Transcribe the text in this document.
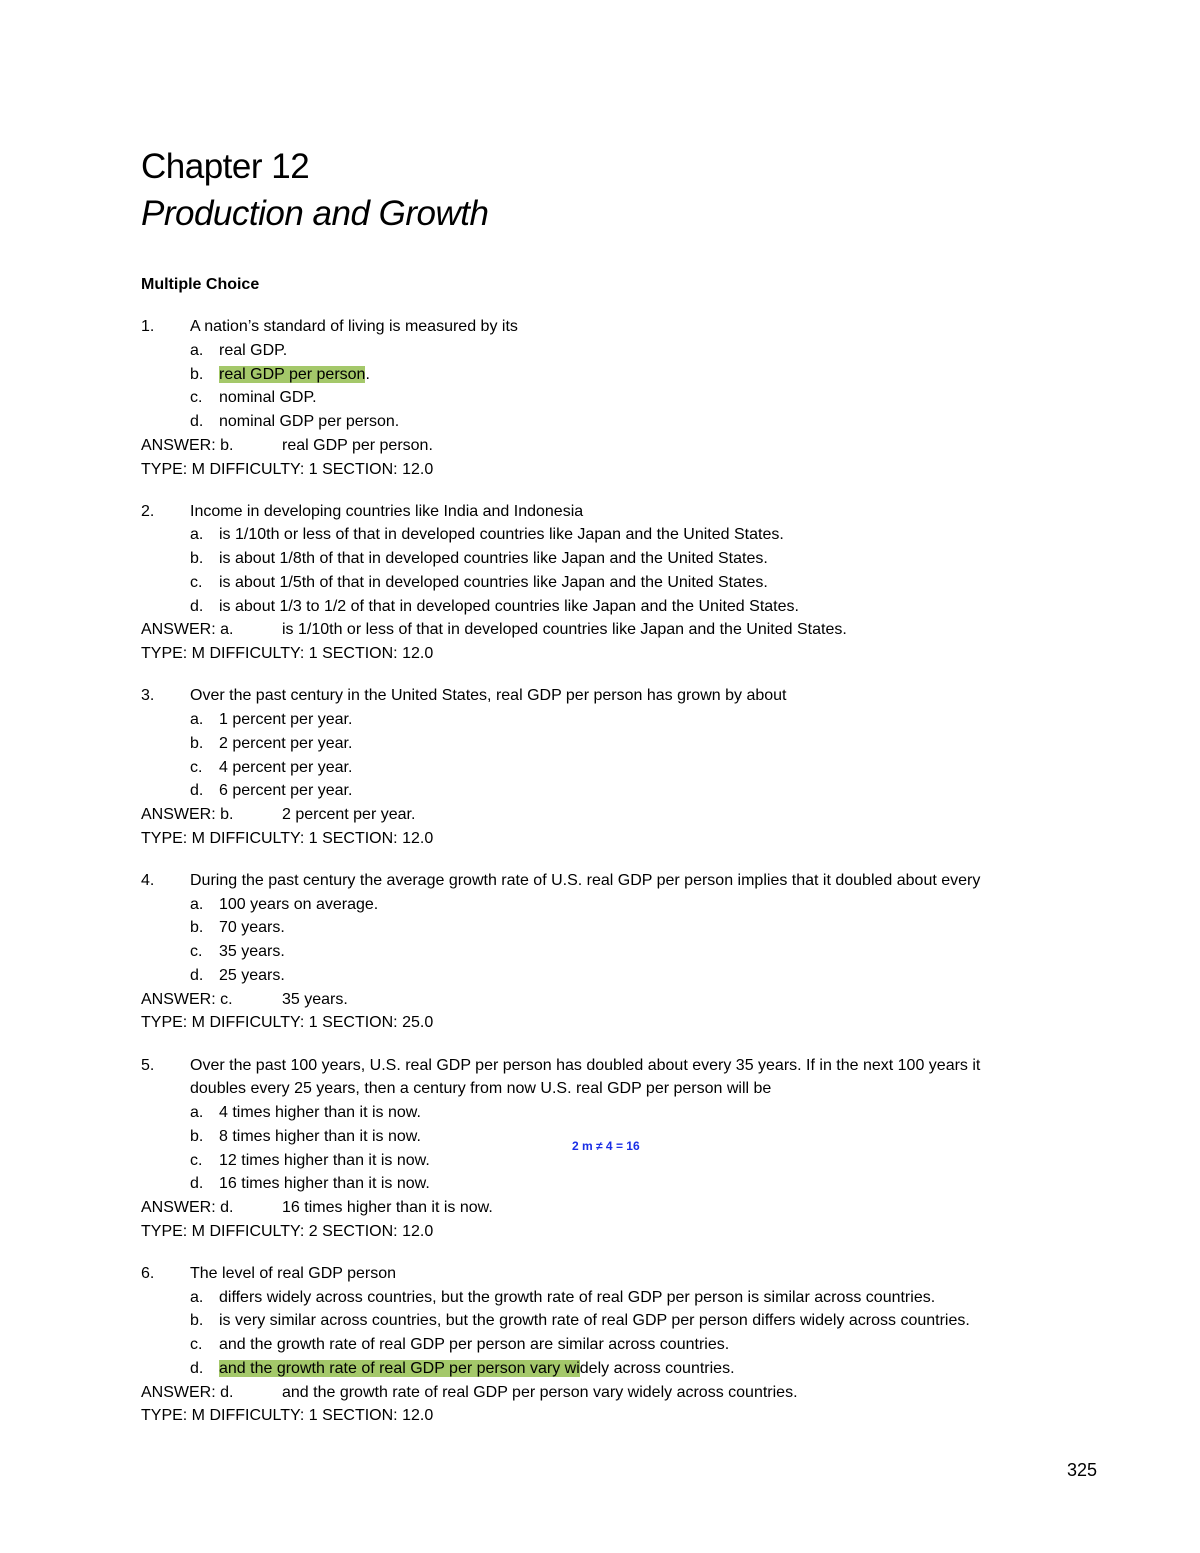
Chapter 12
Production and Growth
Multiple Choice
1. A nation’s standard of living is measured by its
a. real GDP.
b. real GDP per person.
c. nominal GDP.
d. nominal GDP per person.
ANSWER: b.	real GDP per person.
TYPE: M DIFFICULTY: 1 SECTION: 12.0
2. Income in developing countries like India and Indonesia
a. is 1/10th or less of that in developed countries like Japan and the United States.
b. is about 1/8th of that in developed countries like Japan and the United States.
c. is about 1/5th of that in developed countries like Japan and the United States.
d. is about 1/3 to 1/2 of that in developed countries like Japan and the United States.
ANSWER: a.	is 1/10th or less of that in developed countries like Japan and the United States.
TYPE: M DIFFICULTY: 1 SECTION: 12.0
3. Over the past century in the United States, real GDP per person has grown by about
a. 1 percent per year.
b. 2 percent per year.
c. 4 percent per year.
d. 6 percent per year.
ANSWER: b.	2 percent per year.
TYPE: M DIFFICULTY: 1 SECTION: 12.0
4. During the past century the average growth rate of U.S. real GDP per person implies that it doubled about every
a. 100 years on average.
b. 70 years.
c. 35 years.
d. 25 years.
ANSWER: c.	35 years.
TYPE: M DIFFICULTY: 1 SECTION: 25.0
5. Over the past 100 years, U.S. real GDP per person has doubled about every 35 years. If in the next 100 years it
doubles every 25 years, then a century from now U.S. real GDP per person will be
a. 4 times higher than it is now.
b. 8 times higher than it is now.
c. 12 times higher than it is now.
d. 16 times higher than it is now.
ANSWER: d.	16 times higher than it is now.
TYPE: M DIFFICULTY: 2 SECTION: 12.0
6. The level of real GDP person
a. differs widely across countries, but the growth rate of real GDP per person is similar across countries.
b. is very similar across countries, but the growth rate of real GDP per person differs widely across countries.
c. and the growth rate of real GDP per person are similar across countries.
d. and the growth rate of real GDP per person vary widely across countries.
ANSWER: d.	and the growth rate of real GDP per person vary widely across countries.
TYPE: M DIFFICULTY: 1 SECTION: 12.0
2 m ≠ 4 = 16
325
